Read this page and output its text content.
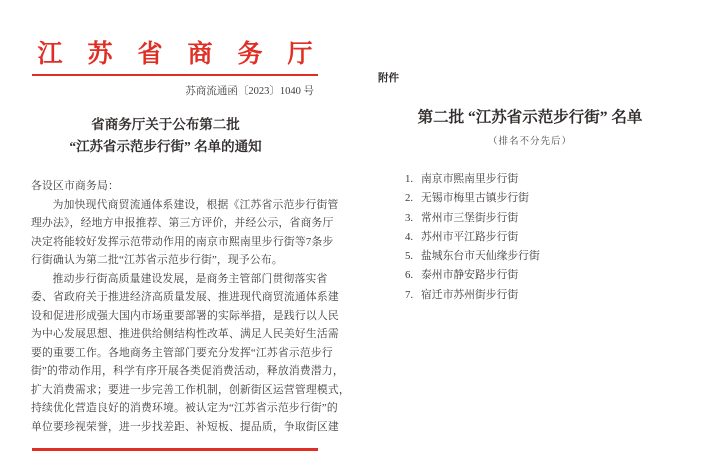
江　苏　省　商　务　厅
苏商流通函〔2023〕1040 号
省商务厅关于公布第二批
“江苏省示范步行街” 名单的通知
各设区市商务局：
为加快现代商贸流通体系建设，根据《江苏省示范步行街管
理办法》，经地方申报推荐、第三方评价，并经公示，省商务厅
决定将能较好发挥示范带动作用的南京市熙南里步行街等7条步
行街确认为第二批“江苏省示范步行街”，现予公布。
推动步行街高质量建设发展，是商务主管部门贯彻落实省
委、省政府关于推进经济高质量发展、推进现代商贸流通体系建
设和促进形成强大国内市场重要部署的实际举措，是践行以人民
为中心发展思想、推进供给侧结构性改革、满足人民美好生活需
要的重要工作。各地商务主管部门要充分发挥“江苏省示范步行
街”的带动作用，科学有序开展各类促消费活动，释放消费潜力，
扩大消费需求；要进一步完善工作机制，创新街区运营管理模式，
持续优化营造良好的消费环境。被认定为“江苏省示范步行街”的
单位要珍视荣誉，进一步找差距、补短板、提品质，争取街区建
附件
第二批 “江苏省示范步行街” 名单
（排名不分先后）
1. 南京市熙南里步行街
2. 无锡市梅里古镇步行街
3. 常州市三堡街步行街
4. 苏州市平江路步行街
5. 盐城东台市天仙缘步行街
6. 泰州市静安路步行街
7. 宿迁市苏州街步行街
